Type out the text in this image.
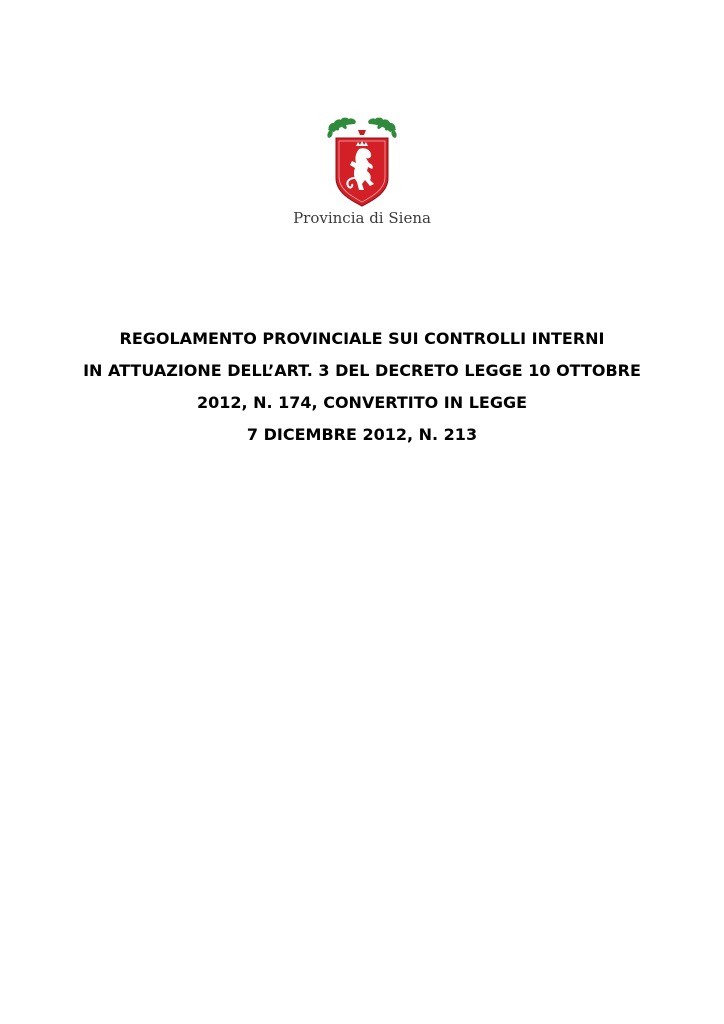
Provincia di Siena
REGOLAMENTO PROVINCIALE SUI CONTROLLI INTERNI
IN ATTUAZIONE DELL’ART. 3 DEL DECRETO LEGGE 10 OTTOBRE
2012, N. 174, CONVERTITO IN LEGGE
7 DICEMBRE 2012, N. 213
